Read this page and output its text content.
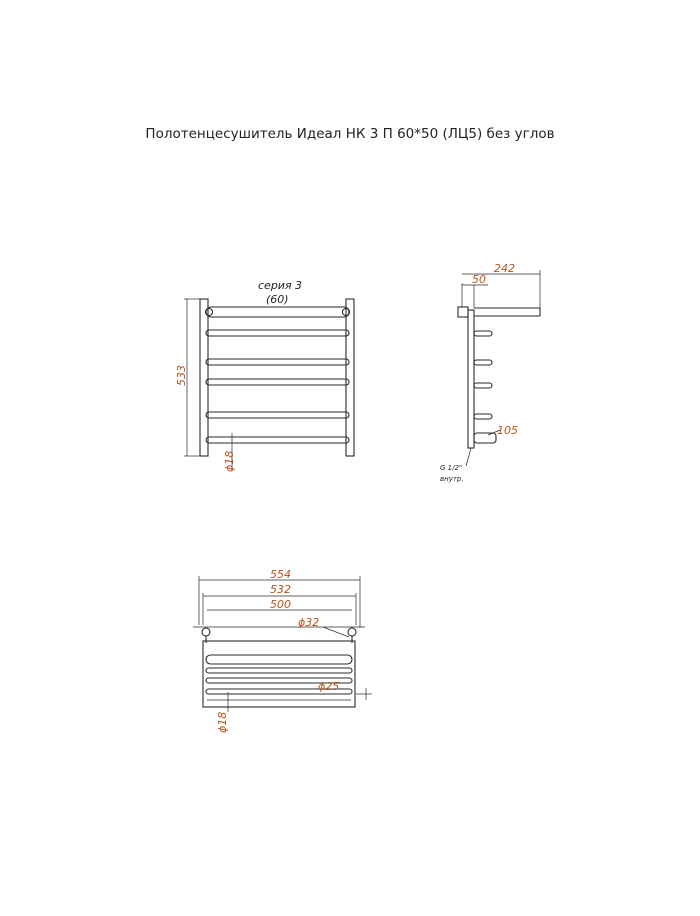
Полотенцесушитель Идеал НК 3 П 60*50 (ЛЦ5) без углов
533
серия 3
(60)
ϕ18
242
50
105
G 1/2"
внутр.
554
532
500
ϕ32
ϕ25
ϕ18
